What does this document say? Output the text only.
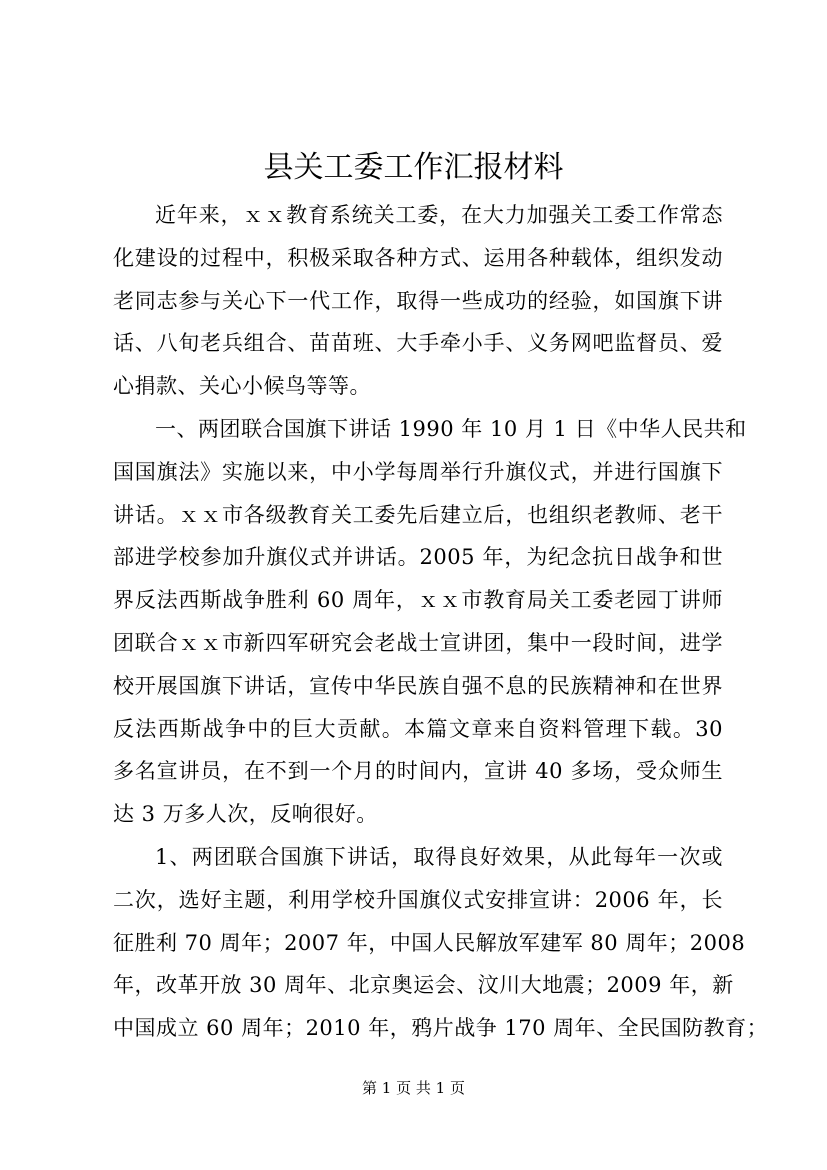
县关工委工作汇报材料
近年来，ｘｘ教育系统关工委，在大力加强关工委工作常态
化建设的过程中，积极采取各种方式、运用各种载体，组织发动
老同志参与关心下一代工作，取得一些成功的经验，如国旗下讲
话、八旬老兵组合、苗苗班、大手牵小手、义务网吧监督员、爱
心捐款、关心小候鸟等等。
一、两团联合国旗下讲话 1990 年 10 月 1 日《中华人民共和
国国旗法》实施以来，中小学每周举行升旗仪式，并进行国旗下
讲话。ｘｘ市各级教育关工委先后建立后，也组织老教师、老干
部进学校参加升旗仪式并讲话。2005 年，为纪念抗日战争和世
界反法西斯战争胜利 60 周年，ｘｘ市教育局关工委老园丁讲师
团联合ｘｘ市新四军研究会老战士宣讲团，集中一段时间，进学
校开展国旗下讲话，宣传中华民族自强不息的民族精神和在世界
反法西斯战争中的巨大贡献。本篇文章来自资料管理下载。30
多名宣讲员，在不到一个月的时间内，宣讲 40 多场，受众师生
达 3 万多人次，反响很好。
1、两团联合国旗下讲话，取得良好效果，从此每年一次或
二次，选好主题，利用学校升国旗仪式安排宣讲：2006 年，长
征胜利 70 周年；2007 年，中国人民解放军建军 80 周年；2008
年，改革开放 30 周年、北京奥运会、汶川大地震；2009 年，新
中国成立 60 周年；2010 年，鸦片战争 170 周年、全民国防教育；
第 1 页 共 1 页
